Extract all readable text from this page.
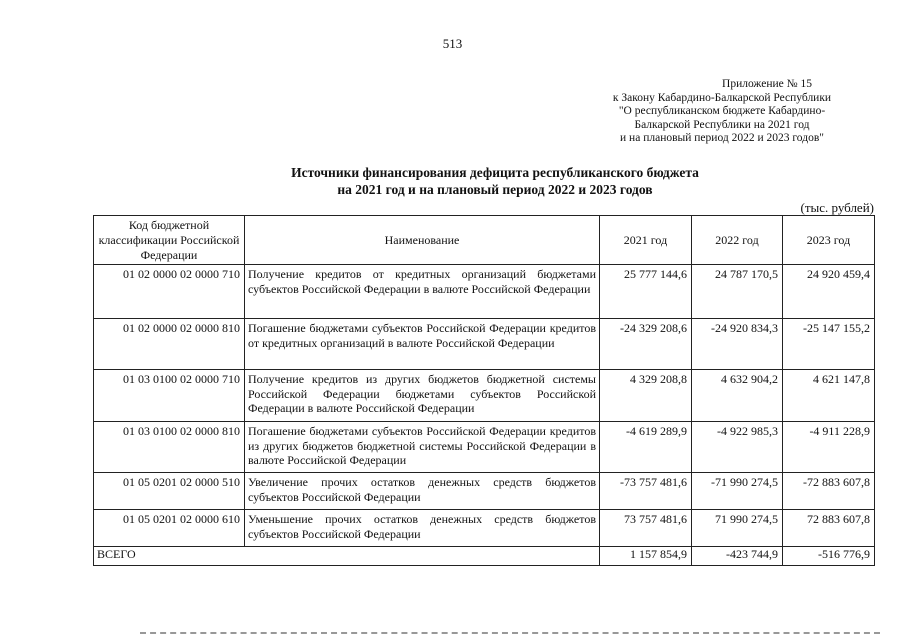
513
Приложение № 15
к Закону Кабардино-Балкарской Республики
"О республиканском бюджете Кабардино-
Балкарской Республики на 2021 год
и на плановый период 2022 и 2023 годов"
Источники финансирования дефицита республиканского бюджета
на 2021 год и на плановый период 2022 и 2023 годов
(тыс. рублей)
Код бюджетной классификации Российской Федерации	Наименование	2021 год	2022 год	2023 год
01 02 0000 02 0000 710	Получение кредитов от кредитных организаций бюджетами субъектов Российской Федерации в валюте Российской Федерации	25 777 144,6	24 787 170,5	24 920 459,4
01 02 0000 02 0000 810	Погашение бюджетами субъектов Российской Федерации кредитов от кредитных организаций в валюте Российской Федерации	-24 329 208,6	-24 920 834,3	-25 147 155,2
01 03 0100 02 0000 710	Получение кредитов из других бюджетов бюджетной системы Российской Федерации бюджетами субъектов Российской Федерации в валюте Российской Федерации	4 329 208,8	4 632 904,2	4 621 147,8
01 03 0100 02 0000 810	Погашение бюджетами субъектов Российской Федерации кредитов из других бюджетов бюджетной системы Российской Федерации в валюте Российской Федерации	-4 619 289,9	-4 922 985,3	-4 911 228,9
01 05 0201 02 0000 510	Увеличение прочих остатков денежных средств бюджетов субъектов Российской Федерации	-73 757 481,6	-71 990 274,5	-72 883 607,8
01 05 0201 02 0000 610	Уменьшение прочих остатков денежных средств бюджетов субъектов Российской Федерации	73 757 481,6	71 990 274,5	72 883 607,8
ВСЕГО		1 157 854,9	-423 744,9	-516 776,9
